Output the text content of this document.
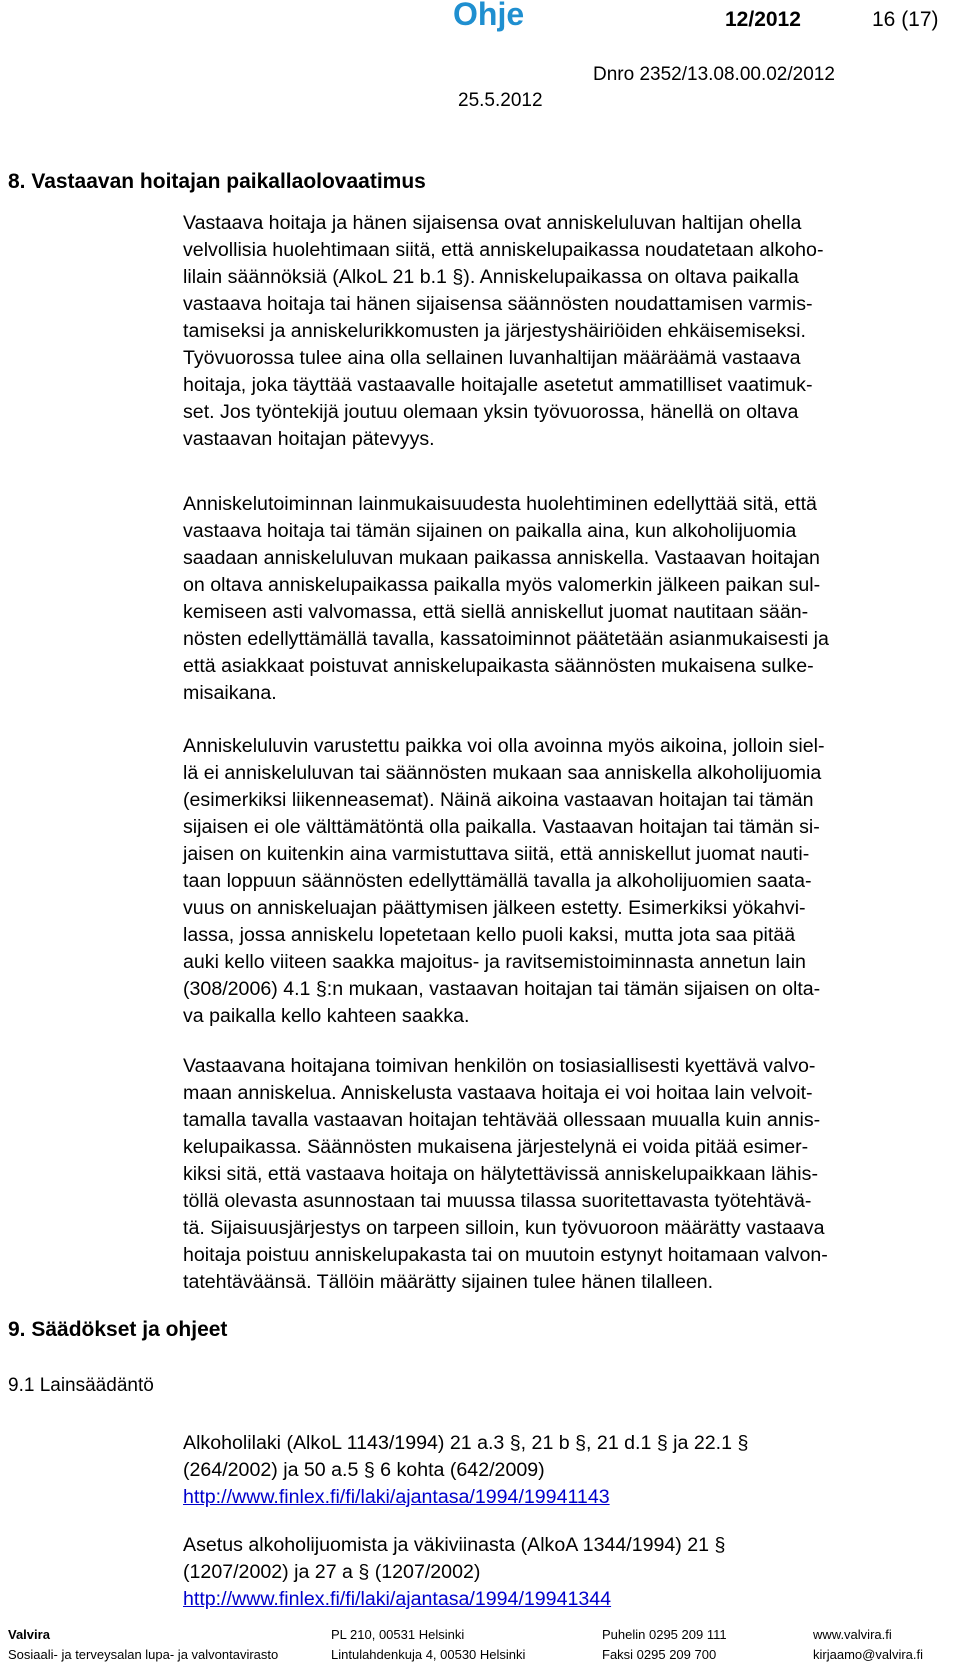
Ohje	12/2012	16 (17)
Dnro 2352/13.08.00.02/2012
25.5.2012
8. Vastaavan hoitajan paikallaolovaatimus
Vastaava hoitaja ja hänen sijaisensa ovat anniskeluluvan haltijan ohella
velvollisia huolehtimaan siitä, että anniskelupaikassa noudatetaan alkoho-
lilain säännöksiä (AlkoL 21 b.1 §). Anniskelupaikassa on oltava paikalla
vastaava hoitaja tai hänen sijaisensa säännösten noudattamisen varmis-
tamiseksi ja anniskelurikkomusten ja järjestyshäiriöiden ehkäisemiseksi.
Työvuorossa tulee aina olla sellainen luvanhaltijan määräämä vastaava
hoitaja, joka täyttää vastaavalle hoitajalle asetetut ammatilliset vaatimuk-
set. Jos työntekijä joutuu olemaan yksin työvuorossa, hänellä on oltava
vastaavan hoitajan pätevyys.
Anniskelutoiminnan lainmukaisuudesta huolehtiminen edellyttää sitä, että
vastaava hoitaja tai tämän sijainen on paikalla aina, kun alkoholijuomia
saadaan anniskeluluvan mukaan paikassa anniskella. Vastaavan hoitajan
on oltava anniskelupaikassa paikalla myös valomerkin jälkeen paikan sul-
kemiseen asti valvomassa, että siellä anniskellut juomat nautitaan sään-
nösten edellyttämällä tavalla, kassatoiminnot päätetään asianmukaisesti ja
että asiakkaat poistuvat anniskelupaikasta säännösten mukaisena sulke-
misaikana.
Anniskeluluvin varustettu paikka voi olla avoinna myös aikoina, jolloin siel-
lä ei anniskeluluvan tai säännösten mukaan saa anniskella alkoholijuomia
(esimerkiksi liikenneasemat). Näinä aikoina vastaavan hoitajan tai tämän
sijaisen ei ole välttämätöntä olla paikalla. Vastaavan hoitajan tai tämän si-
jaisen on kuitenkin aina varmistuttava siitä, että anniskellut juomat nauti-
taan loppuun säännösten edellyttämällä tavalla ja alkoholijuomien saata-
vuus on anniskeluajan päättymisen jälkeen estetty. Esimerkiksi yökahvi-
lassa, jossa anniskelu lopetetaan kello puoli kaksi, mutta jota saa pitää
auki kello viiteen saakka majoitus- ja ravitsemistoiminnasta annetun lain
(308/2006) 4.1 §:n mukaan, vastaavan hoitajan tai tämän sijaisen on olta-
va paikalla kello kahteen saakka.
Vastaavana hoitajana toimivan henkilön on tosiasiallisesti kyettävä valvo-
maan anniskelua. Anniskelusta vastaava hoitaja ei voi hoitaa lain velvoit-
tamalla tavalla vastaavan hoitajan tehtävää ollessaan muualla kuin annis-
kelupaikassa. Säännösten mukaisena järjestelynä ei voida pitää esimer-
kiksi sitä, että vastaava hoitaja on hälytettävissä anniskelupaikkaan lähis-
töllä olevasta asunnostaan tai muussa tilassa suoritettavasta työtehtävä-
tä. Sijaisuusjärjestys on tarpeen silloin, kun työvuoroon määrätty vastaava
hoitaja poistuu anniskelupakasta tai on muutoin estynyt hoitamaan valvon-
tatehtäväänsä. Tällöin määrätty sijainen tulee hänen tilalleen.
9. Säädökset ja ohjeet
9.1 Lainsäädäntö
Alkoholilaki (AlkoL 1143/1994) 21 a.3 §, 21 b §, 21 d.1 § ja 22.1 §
(264/2002) ja 50 a.5 § 6 kohta (642/2009)
http://www.finlex.fi/fi/laki/ajantasa/1994/19941143
Asetus alkoholijuomista ja väkiviinasta (AlkoA 1344/1994) 21 §
(1207/2002) ja 27 a § (1207/2002)
http://www.finlex.fi/fi/laki/ajantasa/1994/19941344
Valvira
Sosiaali- ja terveysalan lupa- ja valvontavirasto
PL 210, 00531 Helsinki
Lintulahdenkuja 4, 00530 Helsinki
Puhelin 0295 209 111
Faksi 0295 209 700
www.valvira.fi
kirjaamo@valvira.fi
